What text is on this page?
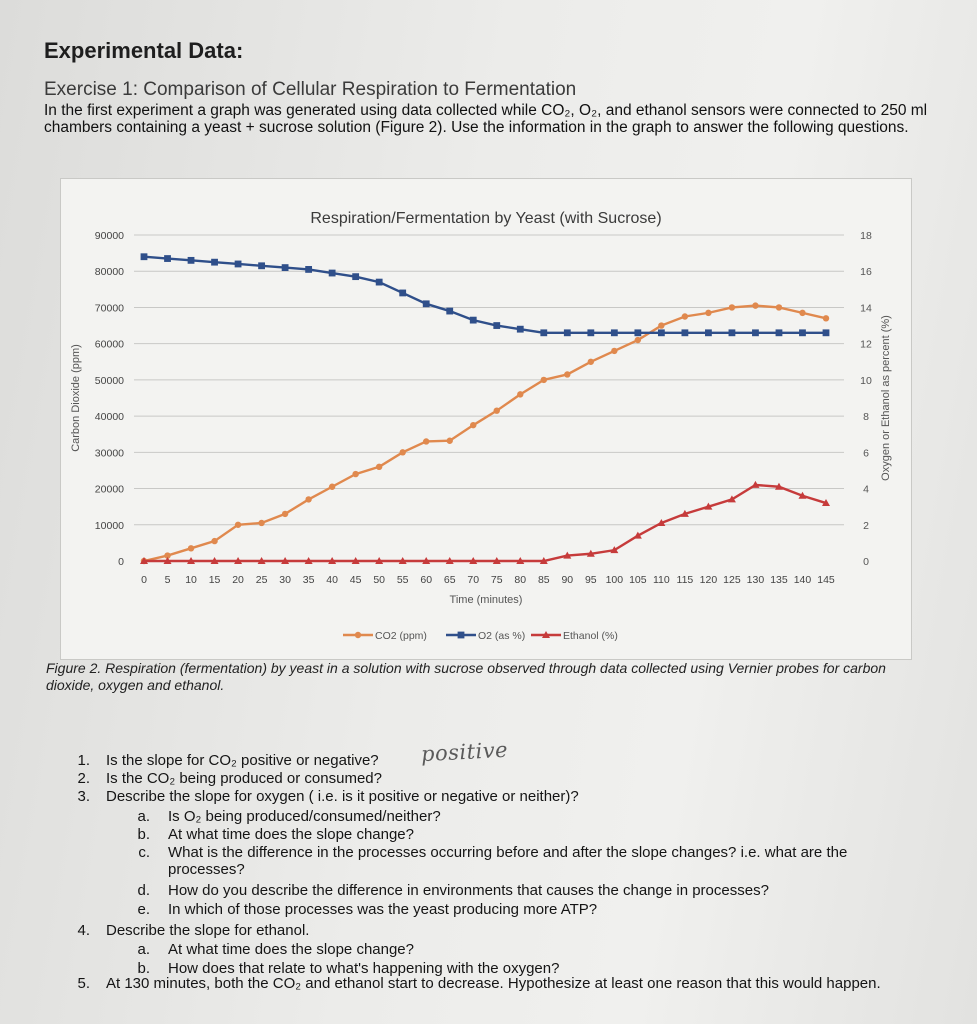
Experimental Data:

Exercise 1: Comparison of Cellular Respiration to Fermentation

In the first experiment a graph was generated using data collected while CO₂, O₂, and ethanol sensors were connected to 250 ml chambers containing a yeast + sucrose solution (Figure 2). Use the information in the graph to answer the following questions.

Respiration/Fermentation by Yeast (with Sucrose)
0
10000
20000
30000
40000
50000
60000
70000
80000
90000
0
2
4
6
8
10
12
14
16
18
0 5 10 15 20 25 30 35 40 45 50 55 60 65 70 75 80 85 90 95 100 105 110 115 120 125 130 135 140 145
Time (minutes)
Carbon Dioxide (ppm)	Oxygen or Ethanol as percent (%)
CO2 (ppm)	O2 (as %)	Ethanol (%)

Figure 2. Respiration (fermentation) by yeast in a solution with sucrose observed through data collected using Vernier probes for carbon dioxide, oxygen and ethanol.

1. Is the slope for CO₂ positive or negative?
2. Is the CO₂ being produced or consumed?
3. Describe the slope for oxygen ( i.e. is it positive or negative or neither)?
a. Is O₂ being produced/consumed/neither?
b. At what time does the slope change?
c. What is the difference in the processes occurring before and after the slope changes? i.e. what are the processes?
d. How do you describe the difference in environments that causes the change in processes?
e. In which of those processes was the yeast producing more ATP?
4. Describe the slope for ethanol.
a. At what time does the slope change?
b. How does that relate to what's happening with the oxygen?
5. At 130 minutes, both the CO₂ and ethanol start to decrease. Hypothesize at least one reason that this would happen.
positive
